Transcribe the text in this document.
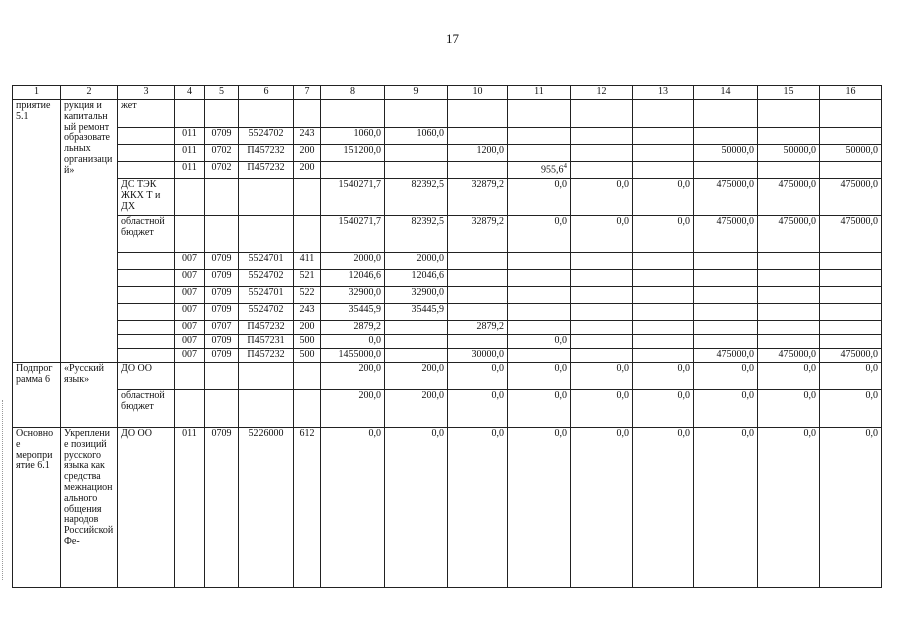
17
1	2	3	4	5	6	7	8	9	10	11	12	13	14	15	16
приятие 5.1	рукция и капитальный ремонт образовательных организаций»	жет													
			011	0709	5524702	243	1060,0	1060,0							
			011	0702	П457232	200	151200,0		1200,0				50000,0	50000,0	50000,0
			011	0702	П457232	200				955,6$^4$					
		ДС ТЭК ЖКХ Т и ДХ					1540271,7	82392,5	32879,2	0,0	0,0	0,0	475000,0	475000,0	475000,0
		областной бюджет					1540271,7	82392,5	32879,2	0,0	0,0	0,0	475000,0	475000,0	475000,0
			007	0709	5524701	411	2000,0	2000,0							
			007	0709	5524702	521	12046,6	12046,6							
			007	0709	5524701	522	32900,0	32900,0							
			007	0709	5524702	243	35445,9	35445,9							
			007	0707	П457232	200	2879,2		2879,2						
			007	0709	П457231	500	0,0			0,0					
			007	0709	П457232	500	1455000,0		30000,0				475000,0	475000,0	475000,0
Подпрограмма 6	«Русский язык»	ДО ОО					200,0	200,0	0,0	0,0	0,0	0,0	0,0	0,0	0,0
		областной бюджет					200,0	200,0	0,0	0,0	0,0	0,0	0,0	0,0	0,0
Основное мероприятие 6.1	Укрепление позиций русского языка как средства межнационального общения народов Российской Фе-	ДО ОО	011	0709	5226000	612	0,0	0,0	0,0	0,0	0,0	0,0	0,0	0,0	0,0
